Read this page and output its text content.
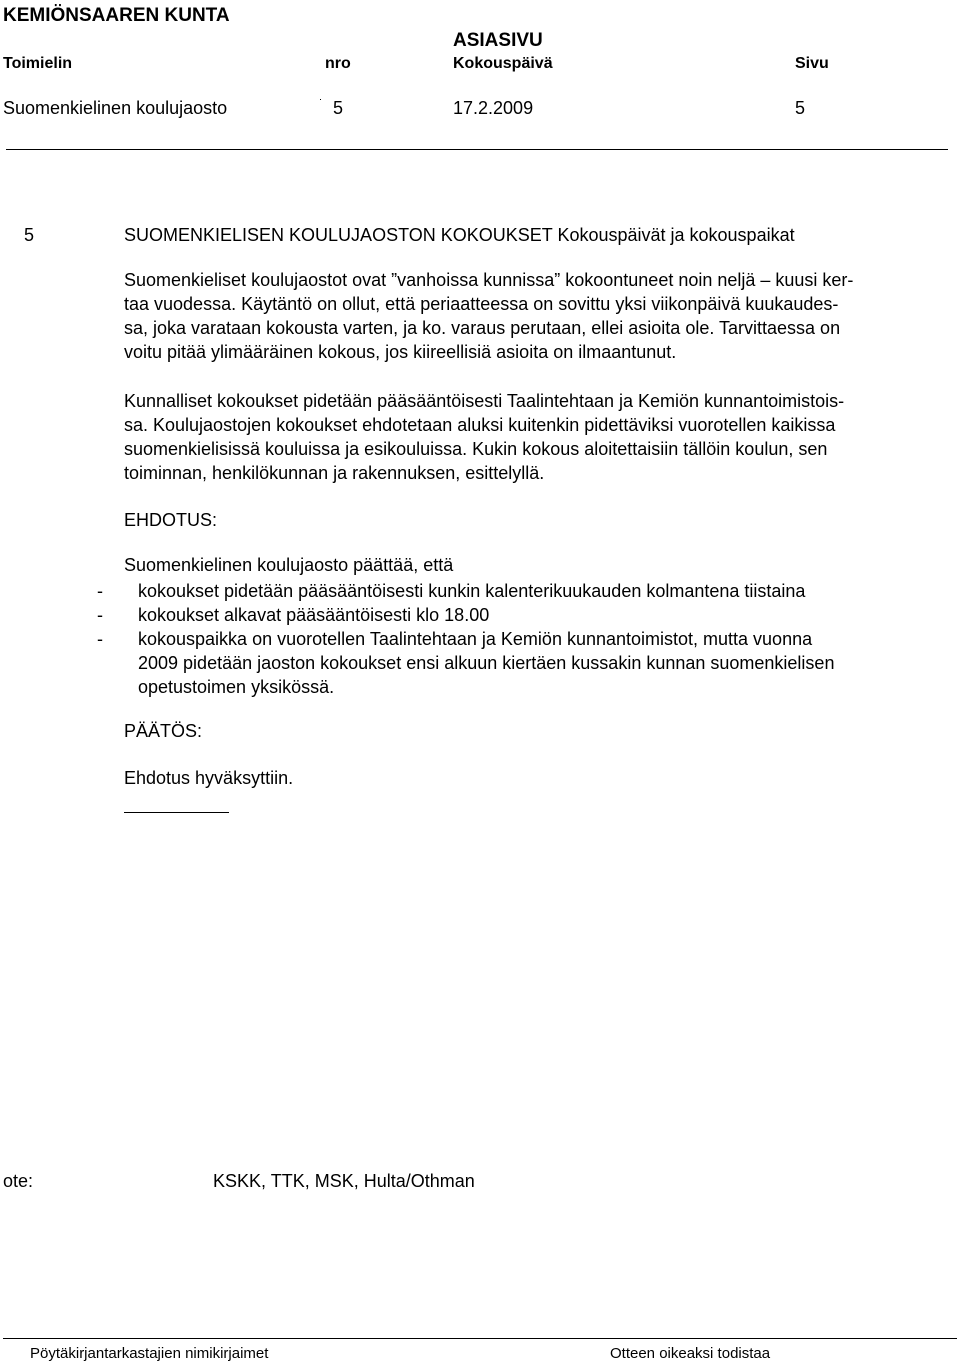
KEMIÖNSAAREN KUNTA
ASIASIVU
Toimielin	nro	Kokouspäivä	Sivu
Suomenkielinen koulujaosto	5	17.2.2009	5
5	SUOMENKIELISEN KOULUJAOSTON KOKOUKSET Kokouspäivät ja kokouspaikat
Suomenkieliset koulujaostot ovat ”vanhoissa kunnissa” kokoontuneet noin neljä – kuusi ker-
taa vuodessa. Käytäntö on ollut, että periaatteessa on sovittu yksi viikonpäivä kuukaudes-
sa, joka varataan kokousta varten, ja ko. varaus perutaan, ellei asioita ole. Tarvittaessa on
voitu pitää ylimääräinen kokous, jos kiireellisiä asioita on ilmaantunut.
Kunnalliset kokoukset pidetään pääsääntöisesti Taalintehtaan ja Kemiön kunnantoimistois-
sa. Koulujaostojen kokoukset ehdotetaan aluksi kuitenkin pidettäviksi vuorotellen kaikissa
suomenkielisissä kouluissa ja esikouluissa. Kukin kokous aloitettaisiin tällöin koulun, sen
toiminnan, henkilökunnan ja rakennuksen, esittelyllä.
EHDOTUS:
Suomenkielinen koulujaosto päättää, että
- kokoukset pidetään pääsääntöisesti kunkin kalenterikuukauden kolmantena tiistaina
- kokoukset alkavat pääsääntöisesti klo 18.00
- kokouspaikka on vuorotellen Taalintehtaan ja Kemiön kunnantoimistot, mutta vuonna
2009 pidetään jaoston kokoukset ensi alkuun kiertäen kussakin kunnan suomenkielisen
opetustoimen yksikössä.
PÄÄTÖS:
Ehdotus hyväksyttiin.
ote:	KSKK, TTK, MSK, Hulta/Othman
Pöytäkirjantarkastajien nimikirjaimet	Otteen oikeaksi todistaa
